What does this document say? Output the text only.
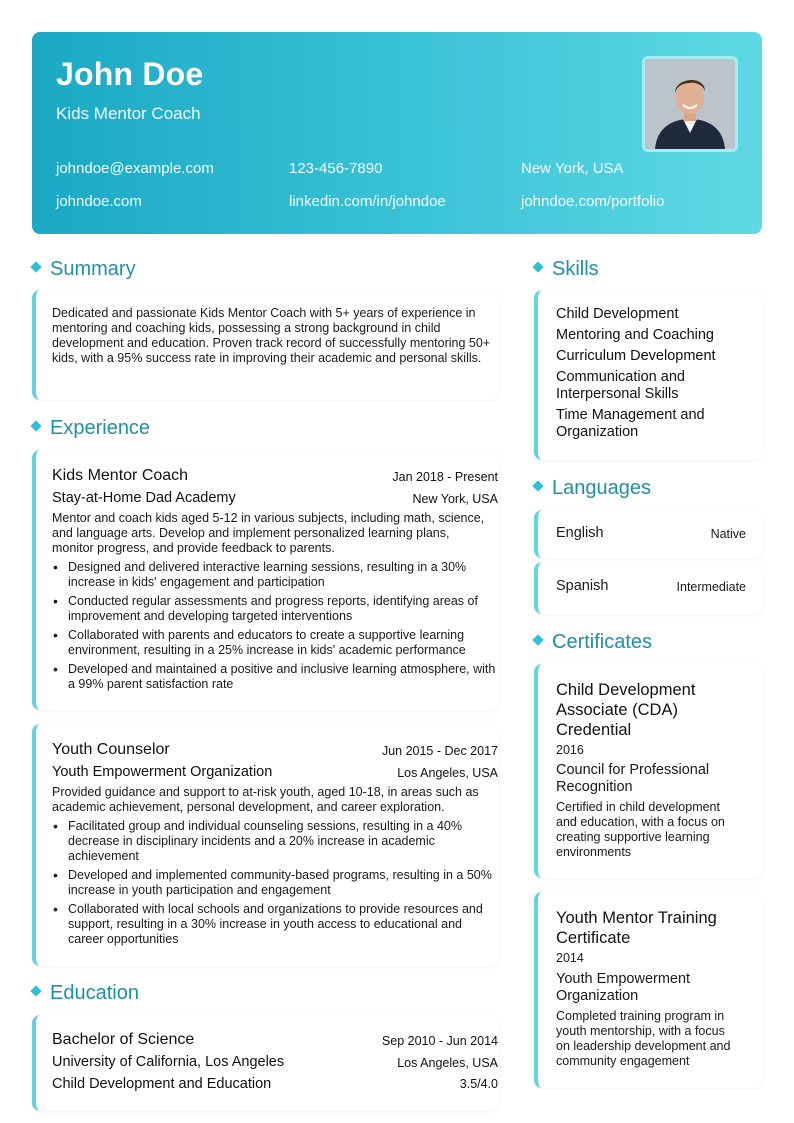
John Doe
Kids Mentor Coach
johndoe@example.com	123-456-7890	New York, USA
johndoe.com	linkedin.com/in/johndoe	johndoe.com/portfolio
Summary
Dedicated and passionate Kids Mentor Coach with 5+ years of experience in mentoring and coaching kids, possessing a strong background in child development and education. Proven track record of successfully mentoring 50+ kids, with a 95% success rate in improving their academic and personal skills.
Experience
Kids Mentor Coach	Jan 2018 - Present
Stay-at-Home Dad Academy	New York, USA
Mentor and coach kids aged 5-12 in various subjects, including math, science, and language arts. Develop and implement personalized learning plans, monitor progress, and provide feedback to parents.
• Designed and delivered interactive learning sessions, resulting in a 30% increase in kids' engagement and participation
• Conducted regular assessments and progress reports, identifying areas of improvement and developing targeted interventions
• Collaborated with parents and educators to create a supportive learning environment, resulting in a 25% increase in kids' academic performance
• Developed and maintained a positive and inclusive learning atmosphere, with a 99% parent satisfaction rate
Youth Counselor	Jun 2015 - Dec 2017
Youth Empowerment Organization	Los Angeles, USA
Provided guidance and support to at-risk youth, aged 10-18, in areas such as academic achievement, personal development, and career exploration.
• Facilitated group and individual counseling sessions, resulting in a 40% decrease in disciplinary incidents and a 20% increase in academic achievement
• Developed and implemented community-based programs, resulting in a 50% increase in youth participation and engagement
• Collaborated with local schools and organizations to provide resources and support, resulting in a 30% increase in youth access to educational and career opportunities
Education
Bachelor of Science	Sep 2010 - Jun 2014
University of California, Los Angeles	Los Angeles, USA
Child Development and Education	3.5/4.0
Skills
Child Development
Mentoring and Coaching
Curriculum Development
Communication and Interpersonal Skills
Time Management and Organization
Languages
English	Native
Spanish	Intermediate
Certificates
Child Development Associate (CDA) Credential
2016
Council for Professional Recognition
Certified in child development and education, with a focus on creating supportive learning environments
Youth Mentor Training Certificate
2014
Youth Empowerment Organization
Completed training program in youth mentorship, with a focus on leadership development and community engagement
